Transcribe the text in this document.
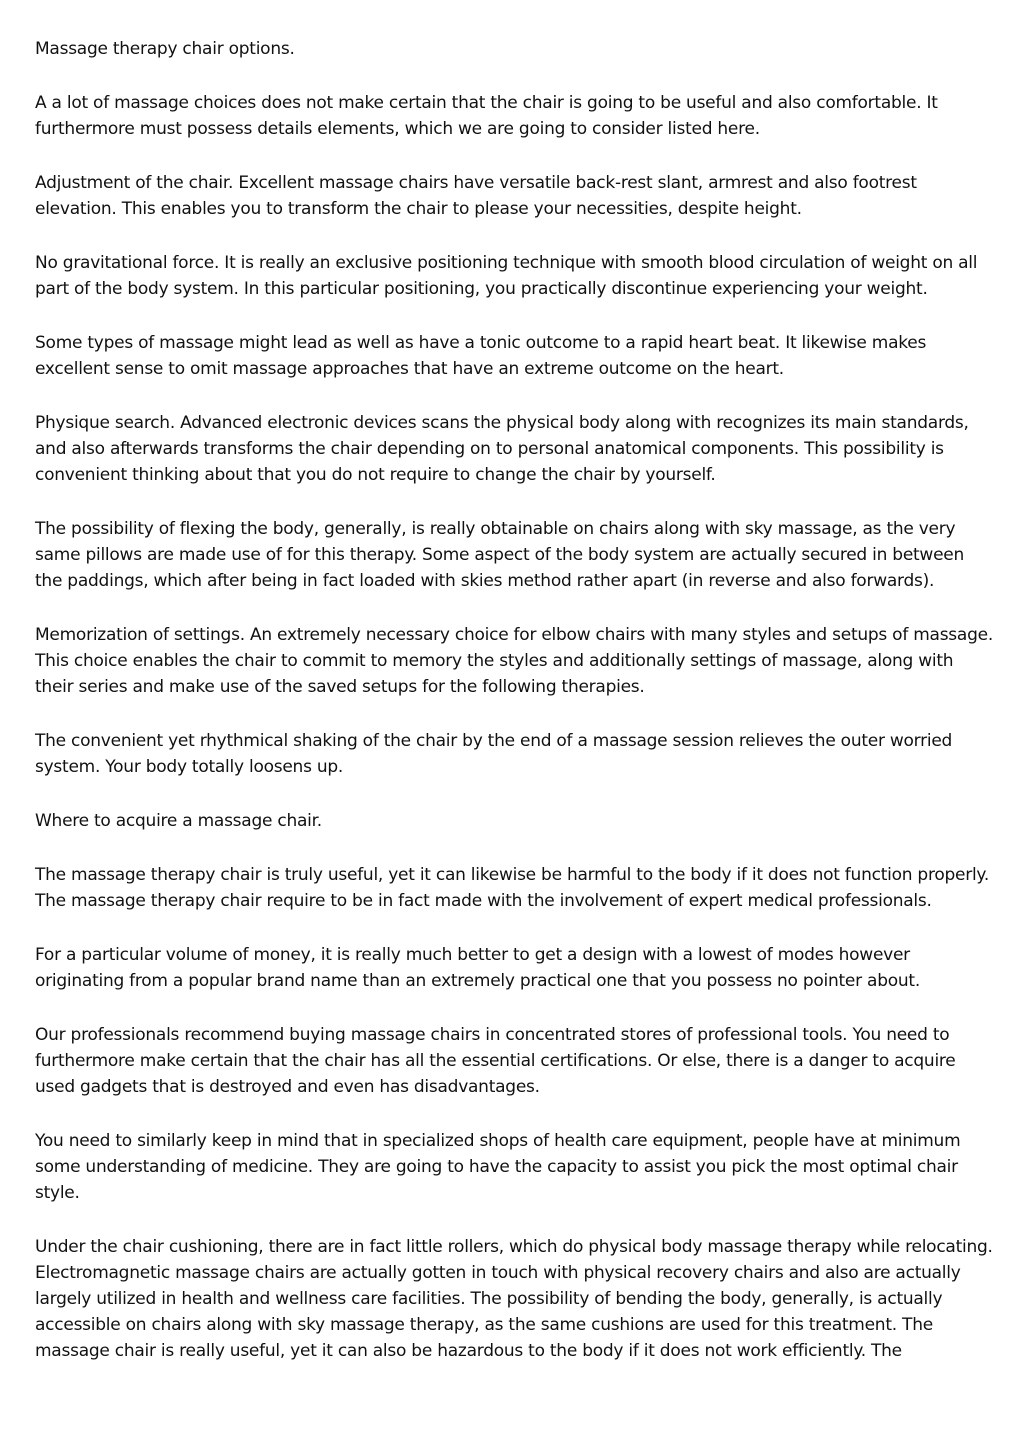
Massage therapy chair options.

A a lot of massage choices does not make certain that the chair is going to be useful and also comfortable. It furthermore must possess details elements, which we are going to consider listed here.

Adjustment of the chair. Excellent massage chairs have versatile back-rest slant, armrest and also footrest elevation. This enables you to transform the chair to please your necessities, despite height.

No gravitational force. It is really an exclusive positioning technique with smooth blood circulation of weight on all part of the body system. In this particular positioning, you practically discontinue experiencing your weight.

Some types of massage might lead as well as have a tonic outcome to a rapid heart beat. It likewise makes excellent sense to omit massage approaches that have an extreme outcome on the heart.

Physique search. Advanced electronic devices scans the physical body along with recognizes its main standards, and also afterwards transforms the chair depending on to personal anatomical components. This possibility is convenient thinking about that you do not require to change the chair by yourself.

The possibility of flexing the body, generally, is really obtainable on chairs along with sky massage, as the very same pillows are made use of for this therapy. Some aspect of the body system are actually secured in between the paddings, which after being in fact loaded with skies method rather apart (in reverse and also forwards).

Memorization of settings. An extremely necessary choice for elbow chairs with many styles and setups of massage. This choice enables the chair to commit to memory the styles and additionally settings of massage, along with their series and make use of the saved setups for the following therapies.

The convenient yet rhythmical shaking of the chair by the end of a massage session relieves the outer worried system. Your body totally loosens up.

Where to acquire a massage chair.

The massage therapy chair is truly useful, yet it can likewise be harmful to the body if it does not function properly. The massage therapy chair require to be in fact made with the involvement of expert medical professionals.

For a particular volume of money, it is really much better to get a design with a lowest of modes however originating from a popular brand name than an extremely practical one that you possess no pointer about.

Our professionals recommend buying massage chairs in concentrated stores of professional tools. You need to furthermore make certain that the chair has all the essential certifications. Or else, there is a danger to acquire used gadgets that is destroyed and even has disadvantages.

You need to similarly keep in mind that in specialized shops of health care equipment, people have at minimum some understanding of medicine. They are going to have the capacity to assist you pick the most optimal chair style.

Under the chair cushioning, there are in fact little rollers, which do physical body massage therapy while relocating. Electromagnetic massage chairs are actually gotten in touch with physical recovery chairs and also are actually largely utilized in health and wellness care facilities. The possibility of bending the body, generally, is actually accessible on chairs along with sky massage therapy, as the same cushions are used for this treatment. The massage chair is really useful, yet it can also be hazardous to the body if it does not work efficiently. The
